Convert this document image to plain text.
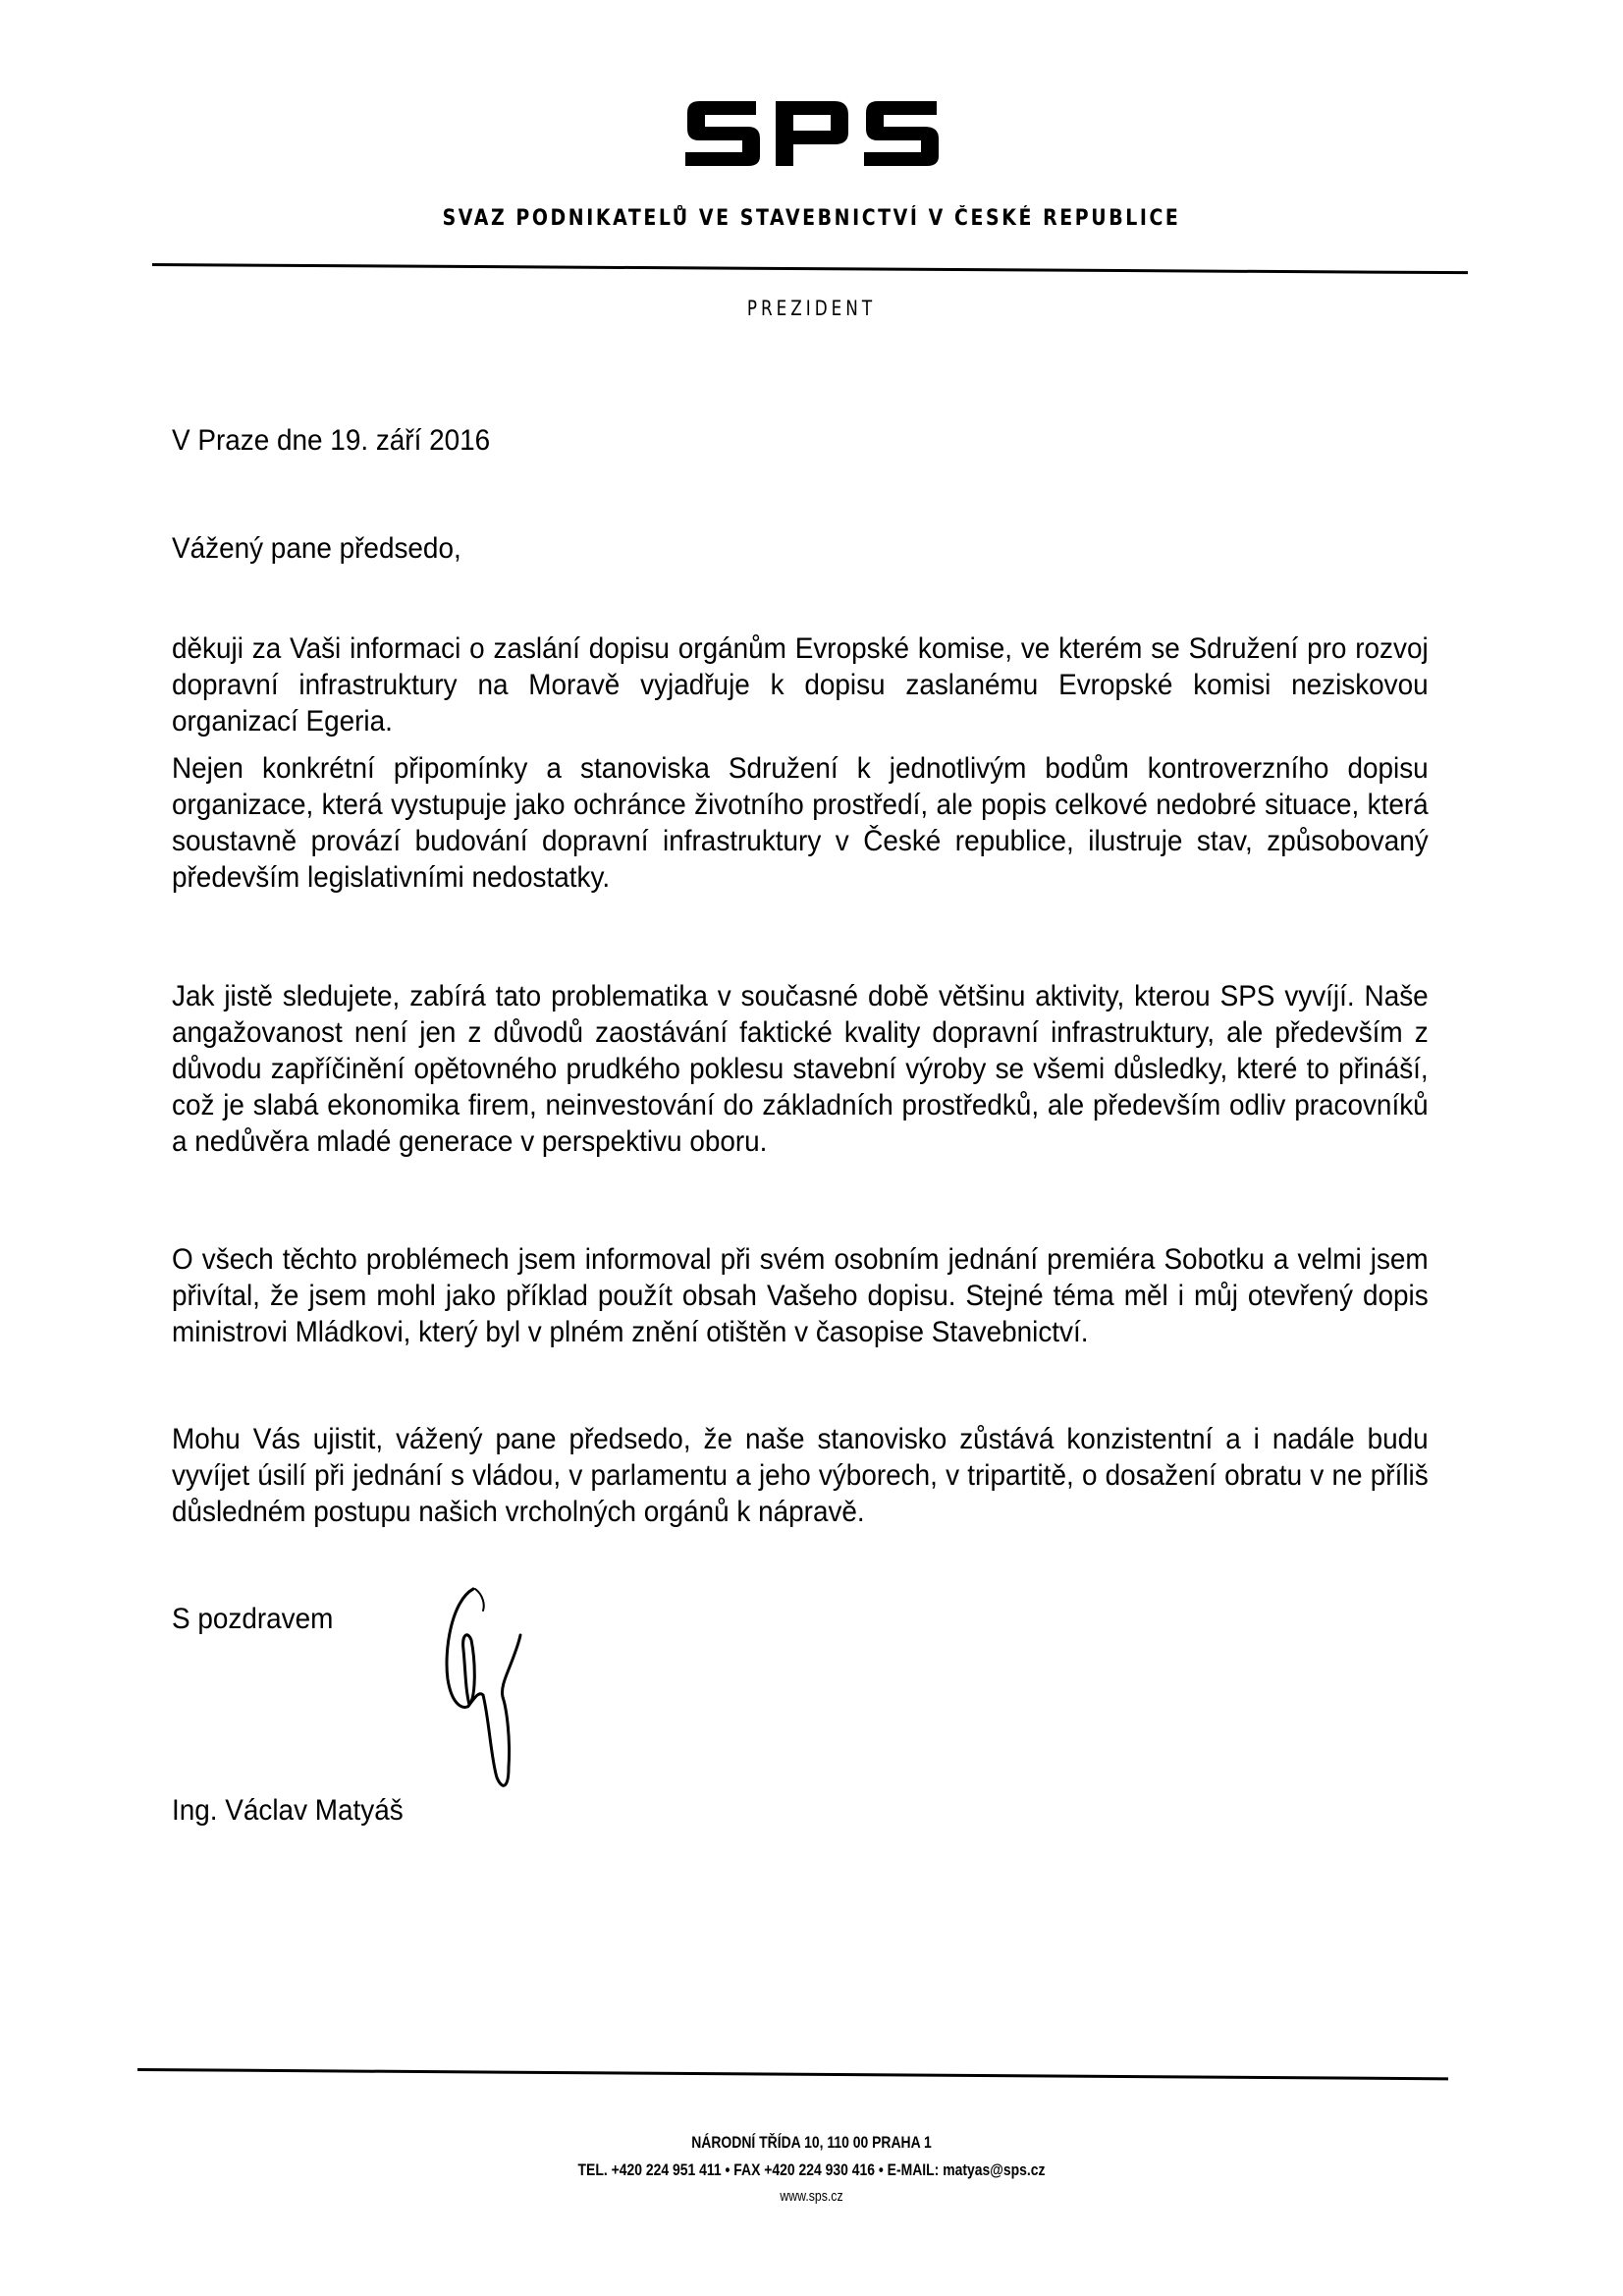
SVAZ PODNIKATELŮ VE STAVEBNICTVÍ V ČESKÉ REPUBLICE
PREZIDENT
V Praze dne 19. září 2016
Vážený pane předsedo,

děkuji za Vaši informaci o zaslání dopisu orgánům Evropské komise, ve kterém se Sdružení pro rozvoj dopravní infrastruktury na Moravě vyjadřuje k dopisu zaslanému Evropské komisi neziskovou organizací Egeria.

Nejen konkrétní připomínky a stanoviska Sdružení k jednotlivým bodům kontroverzního dopisu organizace, která vystupuje jako ochránce životního prostředí, ale popis celkové nedobré situace, která soustavně provází budování dopravní infrastruktury v České republice, ilustruje stav, způsobovaný především legislativními nedostatky.

Jak jistě sledujete, zabírá tato problematika v současné době většinu aktivity, kterou SPS vyvíjí. Naše angažovanost není jen z důvodů zaostávání faktické kvality dopravní infrastruktury, ale především z důvodu zapříčinění opětovného prudkého poklesu stavební výroby se všemi důsledky, které to přináší, což je slabá ekonomika firem, neinvestování do základních prostředků, ale především odliv pracovníků a nedůvěra mladé generace v perspektivu oboru.

O všech těchto problémech jsem informoval při svém osobním jednání premiéra Sobotku a velmi jsem přivítal, že jsem mohl jako příklad použít obsah Vašeho dopisu. Stejné téma měl i můj otevřený dopis ministrovi Mládkovi, který byl v plném znění otištěn v časopise Stavebnictví.

Mohu Vás ujistit, vážený pane předsedo, že naše stanovisko zůstává konzistentní a i nadále budu vyvíjet úsilí při jednání s vládou, v parlamentu a jeho výborech, v tripartitě, o dosažení obratu v ne příliš důsledném postupu našich vrcholných orgánů k nápravě.

S pozdravem
Ing. Václav Matyáš
NÁRODNÍ TŘÍDA 10, 110 00 PRAHA 1
TEL. +420 224 951 411 • FAX +420 224 930 416 • E-MAIL: matyas@sps.cz
www.sps.cz
